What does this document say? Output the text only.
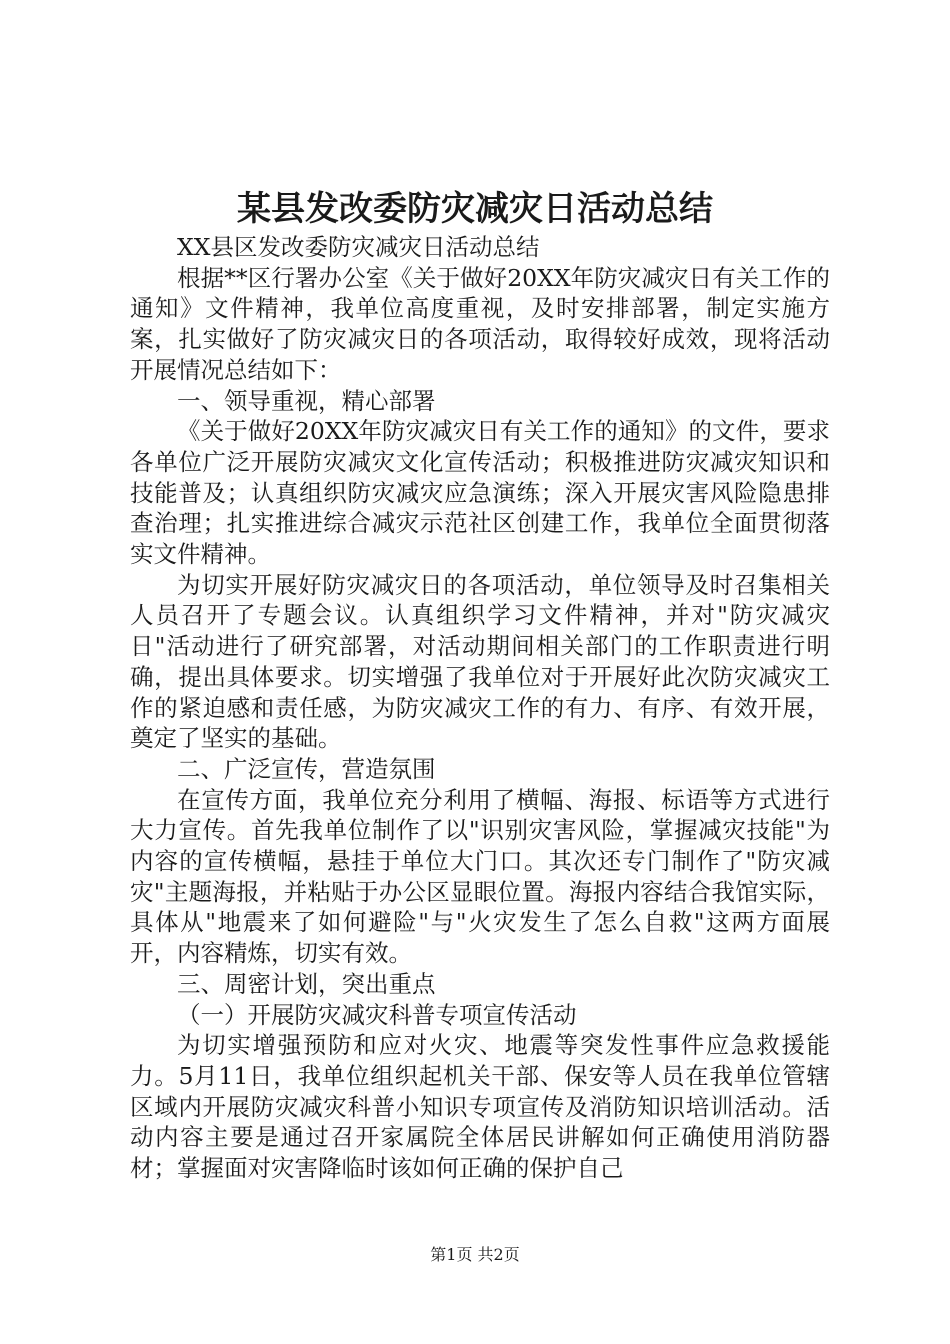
某县发改委防灾减灾日活动总结

XX县区发改委防灾减灾日活动总结

根据**区行署办公室《关于做好20XX年防灾减灾日有关工作的通知》文件精神，我单位高度重视，及时安排部署，制定实施方案，扎实做好了防灾减灾日的各项活动，取得较好成效，现将活动开展情况总结如下：

一、领导重视，精心部署

《关于做好20XX年防灾减灾日有关工作的通知》的文件，要求各单位广泛开展防灾减灾文化宣传活动；积极推进防灾减灾知识和技能普及；认真组织防灾减灾应急演练；深入开展灾害风险隐患排查治理；扎实推进综合减灾示范社区创建工作，我单位全面贯彻落实文件精神。

为切实开展好防灾减灾日的各项活动，单位领导及时召集相关人员召开了专题会议。认真组织学习文件精神，并对"防灾减灾日"活动进行了研究部署，对活动期间相关部门的工作职责进行明确，提出具体要求。切实增强了我单位对于开展好此次防灾减灾工作的紧迫感和责任感，为防灾减灾工作的有力、有序、有效开展，奠定了坚实的基础。

二、广泛宣传，营造氛围

在宣传方面，我单位充分利用了横幅、海报、标语等方式进行大力宣传。首先我单位制作了以"识别灾害风险，掌握减灾技能"为内容的宣传横幅，悬挂于单位大门口。其次还专门制作了"防灾减灾"主题海报，并粘贴于办公区显眼位置。海报内容结合我馆实际，具体从"地震来了如何避险"与"火灾发生了怎么自救"这两方面展开，内容精炼，切实有效。

三、周密计划，突出重点

（一）开展防灾减灾科普专项宣传活动

为切实增强预防和应对火灾、地震等突发性事件应急救援能力。5月11日，我单位组织起机关干部、保安等人员在我单位管辖区域内开展防灾减灾科普小知识专项宣传及消防知识培训活动。活动内容主要是通过召开家属院全体居民讲解如何正确使用消防器材；掌握面对灾害降临时该如何正确的保护自己

第1页 共2页
